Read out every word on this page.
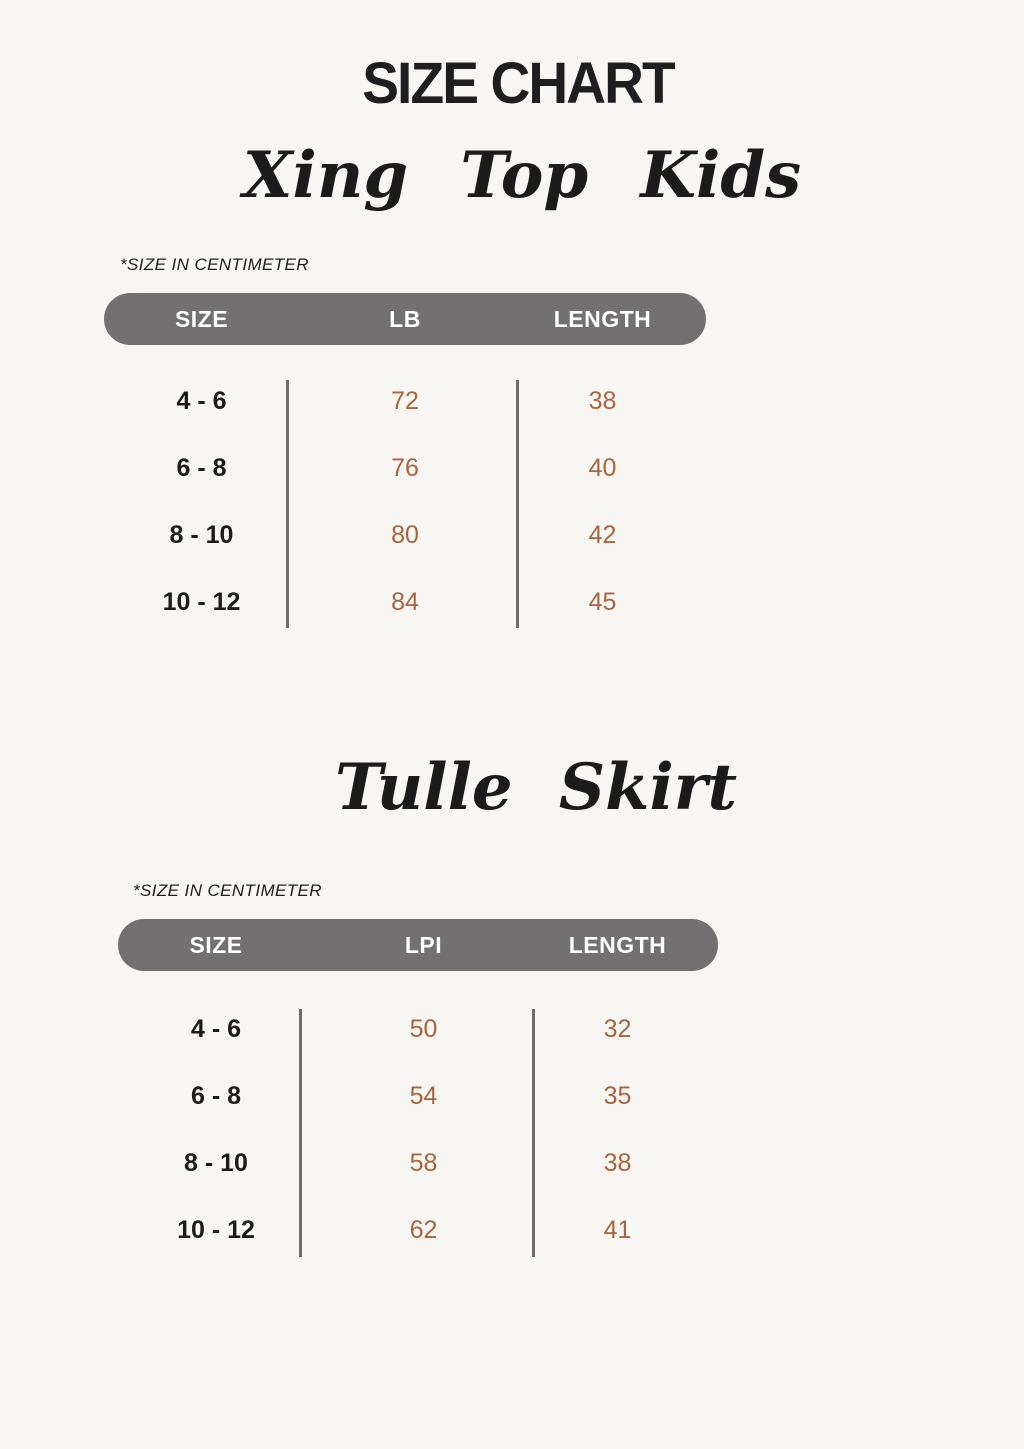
SIZE CHART

Xing Top Kids

*SIZE IN CENTIMETER

SIZE	LB	LENGTH
4 - 6	72	38
6 - 8	76	40
8 - 10	80	42
10 - 12	84	45

Tulle Skirt

*SIZE IN CENTIMETER

SIZE	LPI	LENGTH
4 - 6	50	32
6 - 8	54	35
8 - 10	58	38
10 - 12	62	41
